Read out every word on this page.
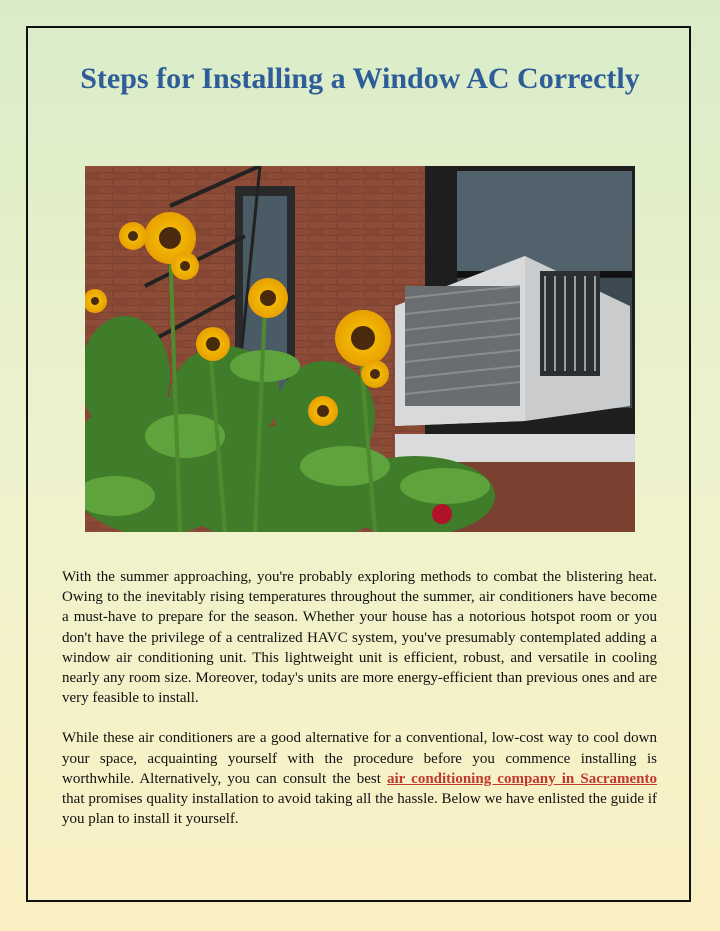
Steps for Installing a Window AC Correctly

With the summer approaching, you're probably exploring methods to combat the blistering heat. Owing to the inevitably rising temperatures throughout the summer, air conditioners have become a must-have to prepare for the season. Whether your house has a notorious hotspot room or you don't have the privilege of a centralized HAVC system, you've presumably contemplated adding a window air conditioning unit. This lightweight unit is efficient, robust, and versatile in cooling nearly any room size. Moreover, today's units are more energy-efficient than previous ones and are very feasible to install.

While these air conditioners are a good alternative for a conventional, low-cost way to cool down your space, acquainting yourself with the procedure before you commence installing is worthwhile. Alternatively, you can consult the best air conditioning company in Sacramento that promises quality installation to avoid taking all the hassle. Below we have enlisted the guide if you plan to install it yourself.
